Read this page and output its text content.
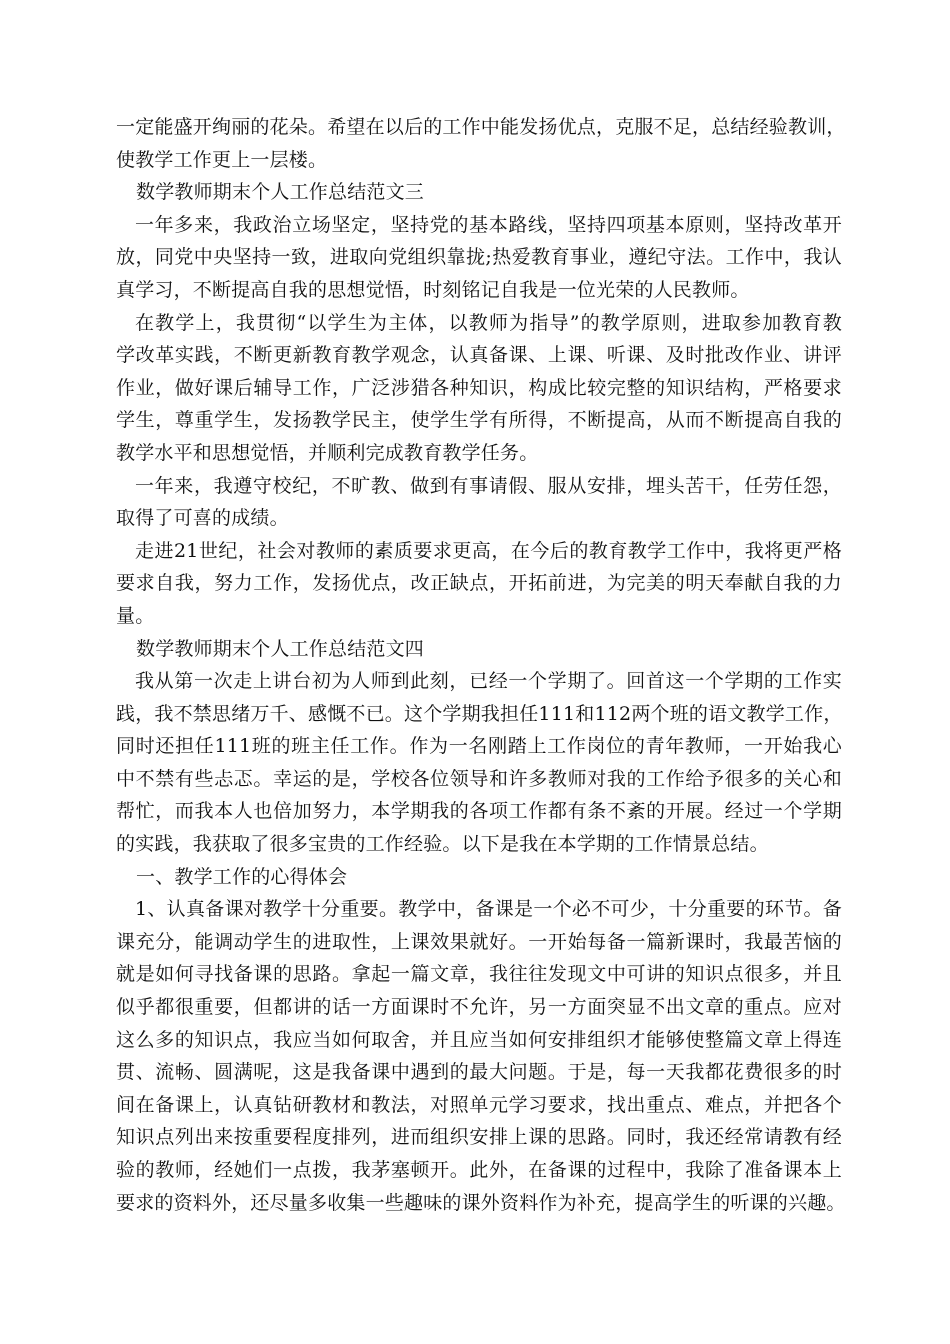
一定能盛开绚丽的花朵。希望在以后的工作中能发扬优点，克服不足，总结经验教训，
使教学工作更上一层楼。
数学教师期末个人工作总结范文三
一年多来，我政治立场坚定，坚持党的基本路线，坚持四项基本原则，坚持改革开
放，同党中央坚持一致，进取向党组织靠拢;热爱教育事业，遵纪守法。工作中，我认
真学习，不断提高自我的思想觉悟，时刻铭记自我是一位光荣的人民教师。
在教学上，我贯彻“以学生为主体，以教师为指导”的教学原则，进取参加教育教
学改革实践，不断更新教育教学观念，认真备课、上课、听课、及时批改作业、讲评
作业，做好课后辅导工作，广泛涉猎各种知识，构成比较完整的知识结构，严格要求
学生，尊重学生，发扬教学民主，使学生学有所得，不断提高，从而不断提高自我的
教学水平和思想觉悟，并顺利完成教育教学任务。
一年来，我遵守校纪，不旷教、做到有事请假、服从安排，埋头苦干，任劳任怨，
取得了可喜的成绩。
走进21世纪，社会对教师的素质要求更高，在今后的教育教学工作中，我将更严格
要求自我，努力工作，发扬优点，改正缺点，开拓前进，为完美的明天奉献自我的力
量。
数学教师期末个人工作总结范文四
我从第一次走上讲台初为人师到此刻，已经一个学期了。回首这一个学期的工作实
践，我不禁思绪万千、感慨不已。这个学期我担任111和112两个班的语文教学工作，
同时还担任111班的班主任工作。作为一名刚踏上工作岗位的青年教师，一开始我心
中不禁有些忐忑。幸运的是，学校各位领导和许多教师对我的工作给予很多的关心和
帮忙，而我本人也倍加努力，本学期我的各项工作都有条不紊的开展。经过一个学期
的实践，我获取了很多宝贵的工作经验。以下是我在本学期的工作情景总结。
一、教学工作的心得体会
1、认真备课对教学十分重要。教学中，备课是一个必不可少，十分重要的环节。备
课充分，能调动学生的进取性，上课效果就好。一开始每备一篇新课时，我最苦恼的
就是如何寻找备课的思路。拿起一篇文章，我往往发现文中可讲的知识点很多，并且
似乎都很重要，但都讲的话一方面课时不允许，另一方面突显不出文章的重点。应对
这么多的知识点，我应当如何取舍，并且应当如何安排组织才能够使整篇文章上得连
贯、流畅、圆满呢，这是我备课中遇到的最大问题。于是，每一天我都花费很多的时
间在备课上，认真钻研教材和教法，对照单元学习要求，找出重点、难点，并把各个
知识点列出来按重要程度排列，进而组织安排上课的思路。同时，我还经常请教有经
验的教师，经她们一点拨，我茅塞顿开。此外，在备课的过程中，我除了准备课本上
要求的资料外，还尽量多收集一些趣味的课外资料作为补充，提高学生的听课的兴趣。
